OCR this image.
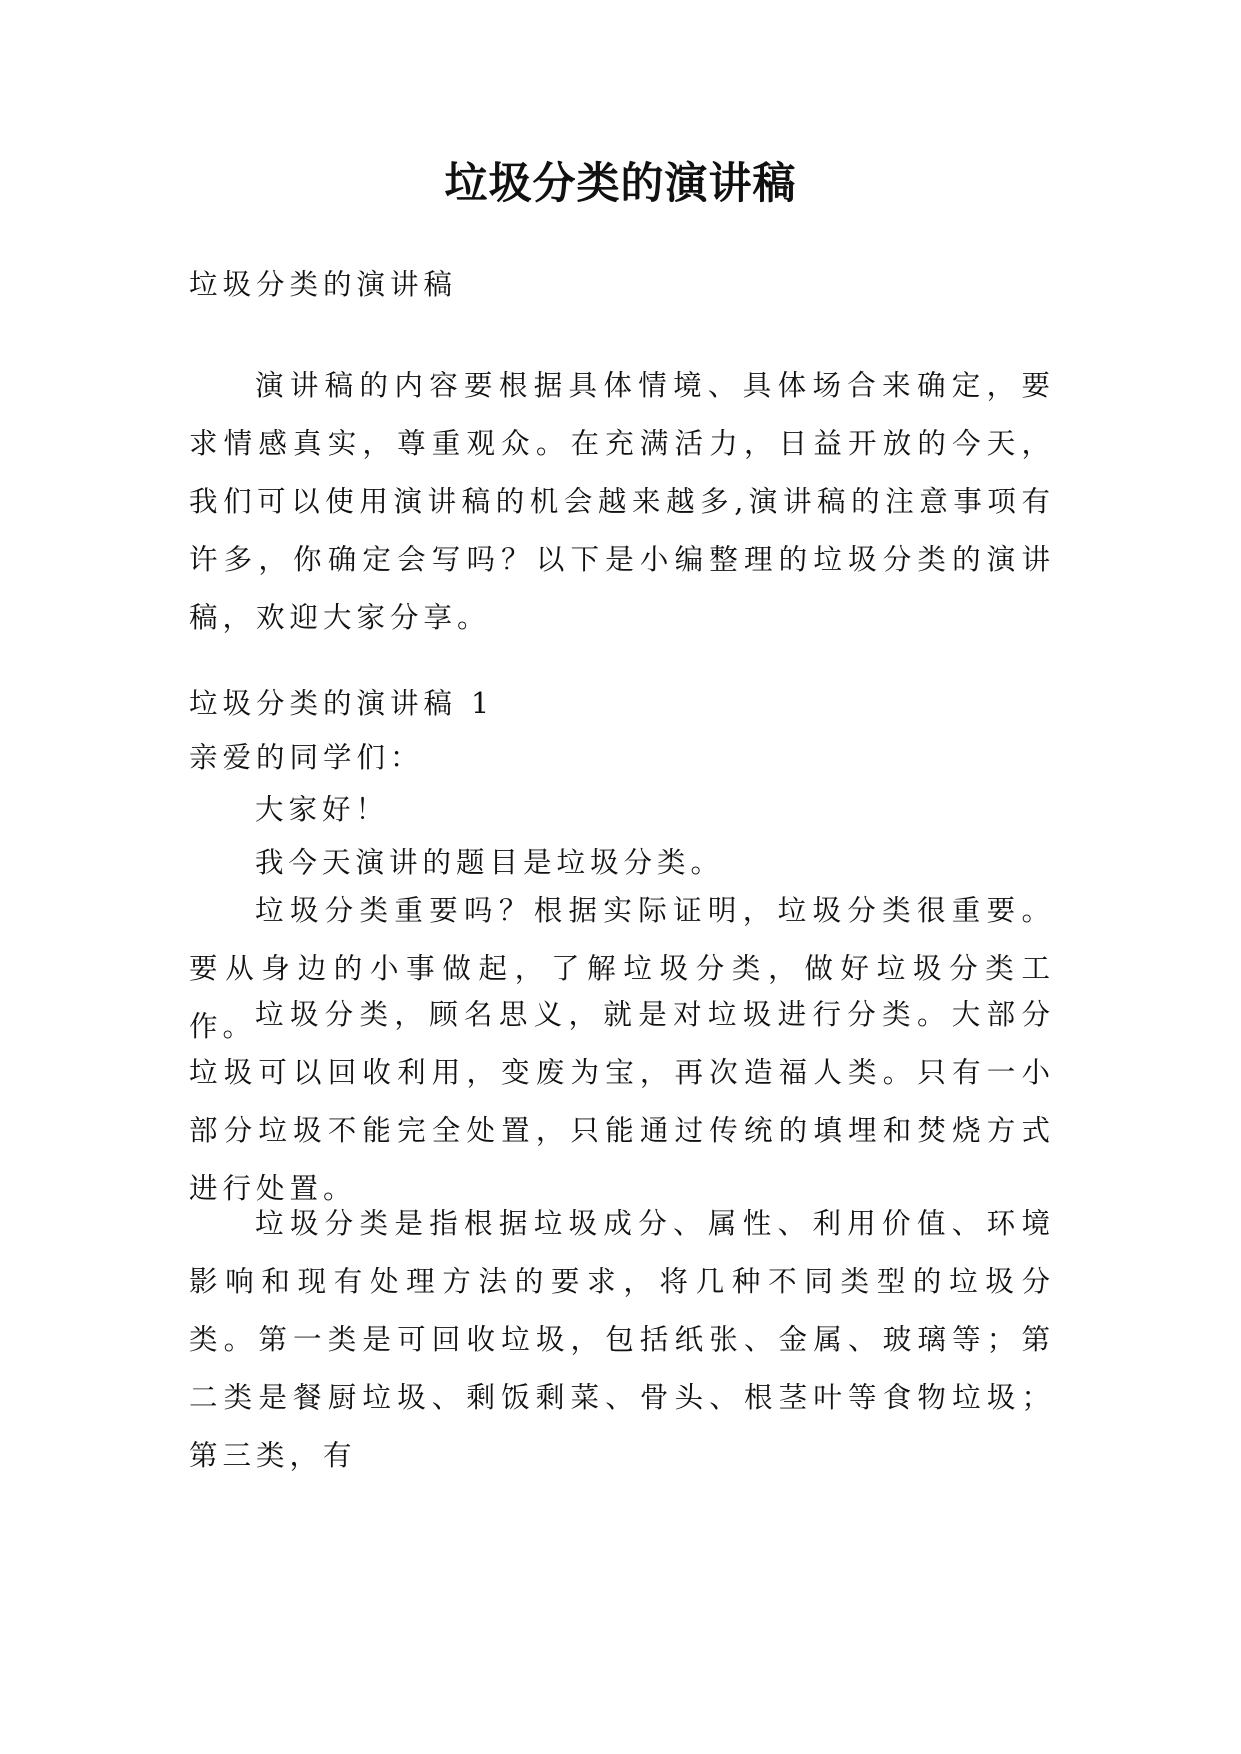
垃圾分类的演讲稿

垃圾分类的演讲稿

演讲稿的内容要根据具体情境、具体场合来确定，要求情感真实，尊重观众。在充满活力，日益开放的今天，我们可以使用演讲稿的机会越来越多,演讲稿的注意事项有许多，你确定会写吗？以下是小编整理的垃圾分类的演讲稿，欢迎大家分享。

垃圾分类的演讲稿 1

亲爱的同学们：

大家好！

我今天演讲的题目是垃圾分类。

垃圾分类重要吗？根据实际证明，垃圾分类很重要。要从身边的小事做起，了解垃圾分类，做好垃圾分类工作。

垃圾分类，顾名思义，就是对垃圾进行分类。大部分垃圾可以回收利用，变废为宝，再次造福人类。只有一小部分垃圾不能完全处置，只能通过传统的填埋和焚烧方式进行处置。

垃圾分类是指根据垃圾成分、属性、利用价值、环境影响和现有处理方法的要求，将几种不同类型的垃圾分类。第一类是可回收垃圾，包括纸张、金属、玻璃等；第二类是餐厨垃圾、剩饭剩菜、骨头、根茎叶等食物垃圾；第三类，有
